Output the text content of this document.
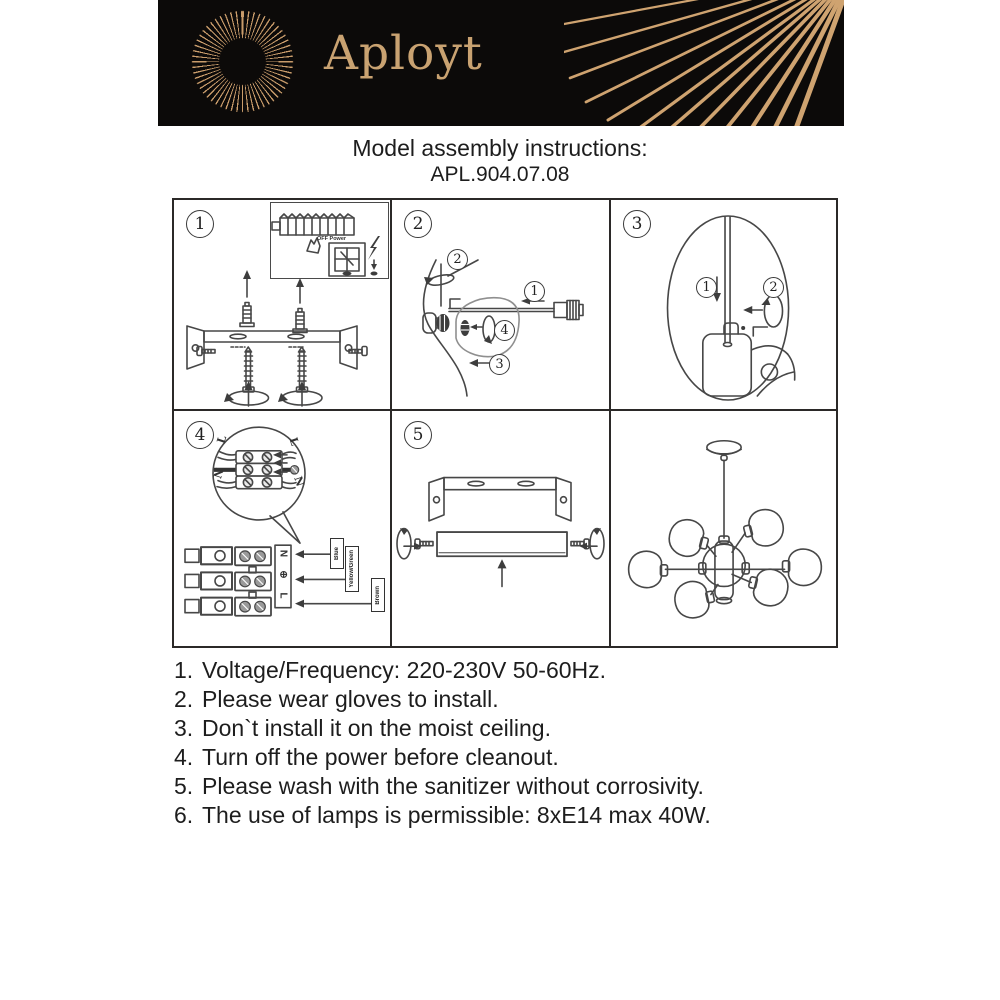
Aployt
Model assembly instructions:
APL.904.07.08
1
OFF Power
2
2
1
4
3
3
1	2
4 L	L
N
N
N
⊕
L
Blue Yellow/Green
Brown
5
1. Voltage/Frequency: 220-230V 50-60Hz.
2. Please wear gloves to install.
3. Don`t install it on the moist ceiling.
4. Turn off the power before cleanout.
5. Please wash with the sanitizer without corrosivity.
6. The use of lamps is permissible: 8xE14 max 40W.
